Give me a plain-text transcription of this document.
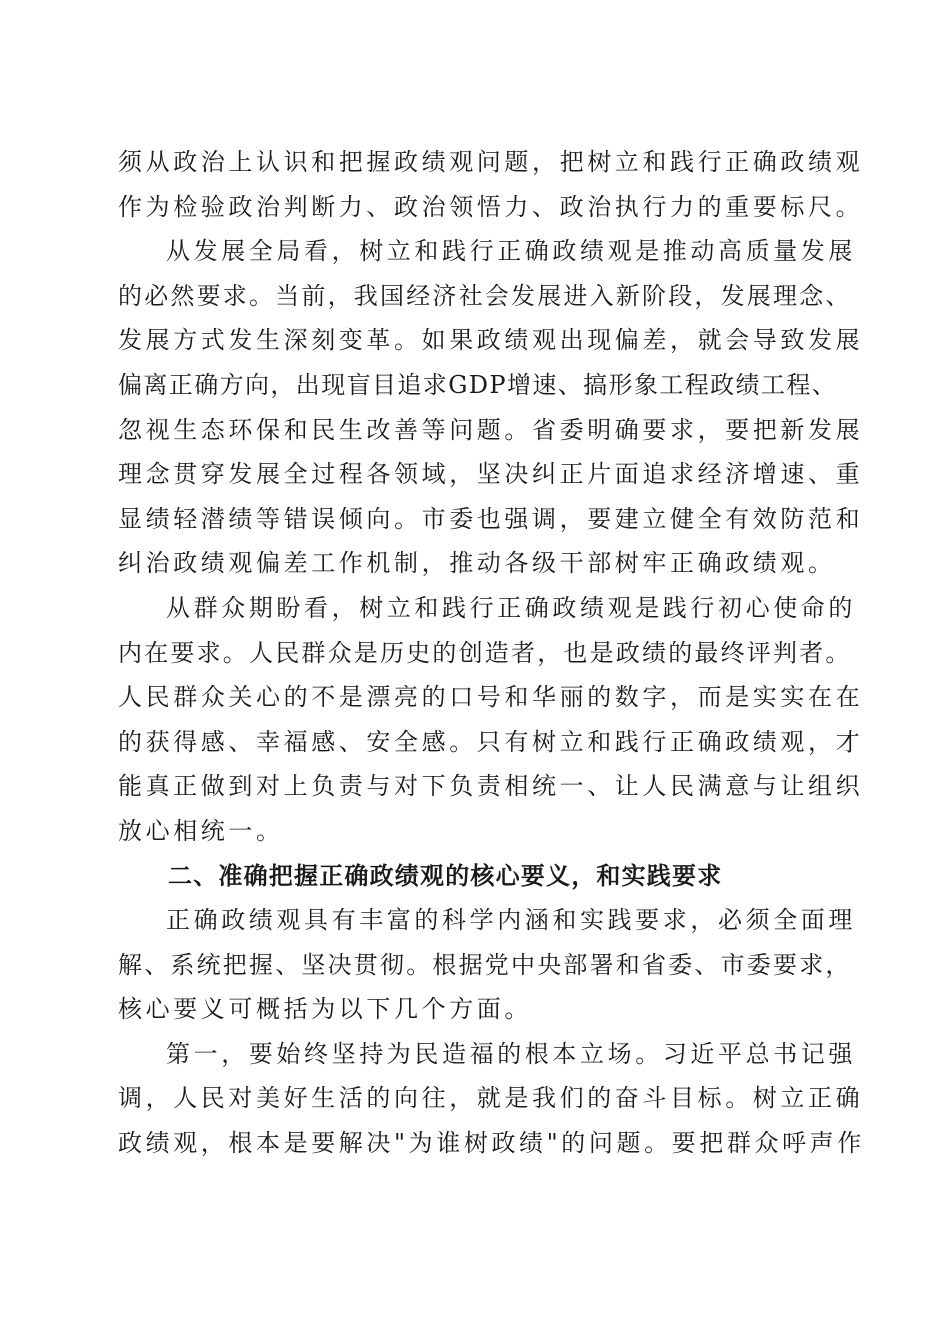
须从政治上认识和把握政绩观问题，把树立和践行正确政绩观
作为检验政治判断力、政治领悟力、政治执行力的重要标尺。
从发展全局看，树立和践行正确政绩观是推动高质量发展
的必然要求。当前，我国经济社会发展进入新阶段，发展理念、
发展方式发生深刻变革。如果政绩观出现偏差，就会导致发展
偏离正确方向，出现盲目追求GDP增速、搞形象工程政绩工程、
忽视生态环保和民生改善等问题。省委明确要求，要把新发展
理念贯穿发展全过程各领域，坚决纠正片面追求经济增速、重
显绩轻潜绩等错误倾向。市委也强调，要建立健全有效防范和
纠治政绩观偏差工作机制，推动各级干部树牢正确政绩观。
从群众期盼看，树立和践行正确政绩观是践行初心使命的
内在要求。人民群众是历史的创造者，也是政绩的最终评判者。
人民群众关心的不是漂亮的口号和华丽的数字，而是实实在在
的获得感、幸福感、安全感。只有树立和践行正确政绩观，才
能真正做到对上负责与对下负责相统一、让人民满意与让组织
放心相统一。
二、准确把握正确政绩观的核心要义，和实践要求
正确政绩观具有丰富的科学内涵和实践要求，必须全面理
解、系统把握、坚决贯彻。根据党中央部署和省委、市委要求，
核心要义可概括为以下几个方面。
第一，要始终坚持为民造福的根本立场。习近平总书记强
调，人民对美好生活的向往，就是我们的奋斗目标。树立正确
政绩观，根本是要解决"为谁树政绩"的问题。要把群众呼声作
